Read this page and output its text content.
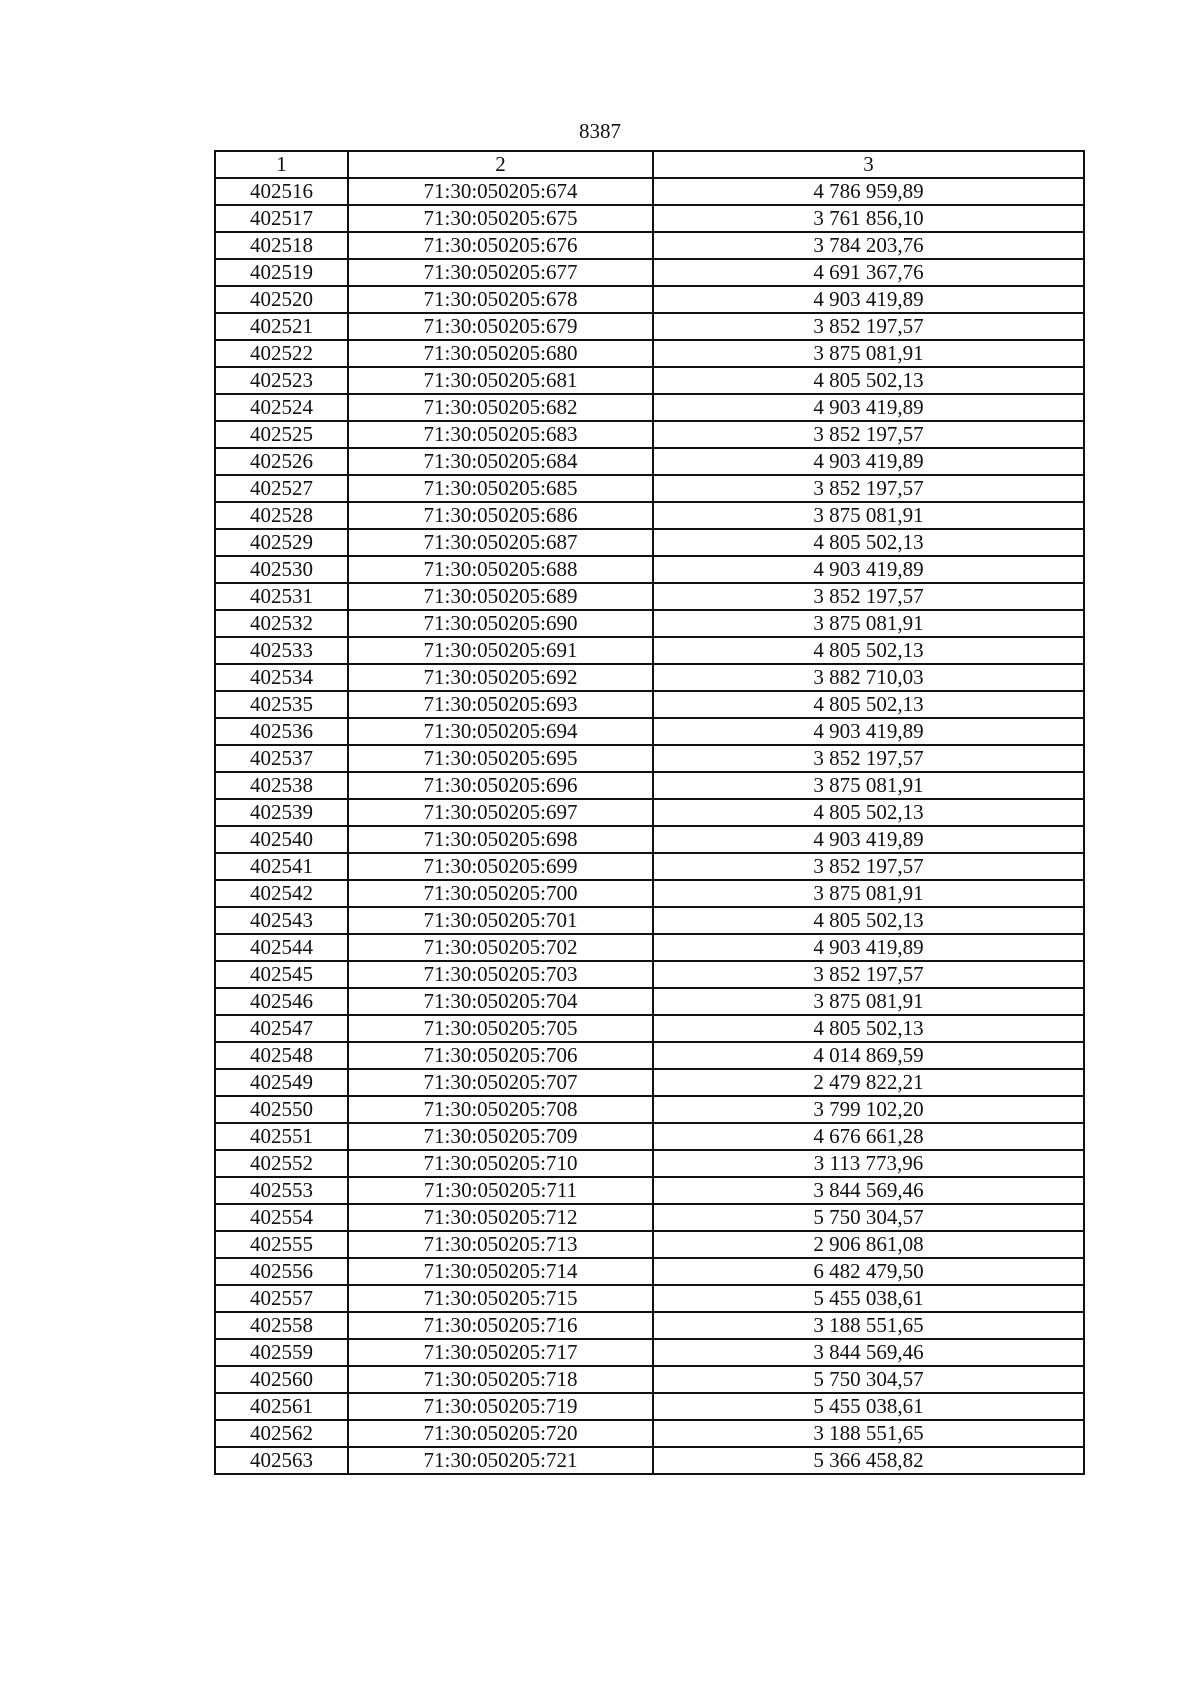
8387
1	2	3
402516	71:30:050205:674	4 786 959,89
402517	71:30:050205:675	3 761 856,10
402518	71:30:050205:676	3 784 203,76
402519	71:30:050205:677	4 691 367,76
402520	71:30:050205:678	4 903 419,89
402521	71:30:050205:679	3 852 197,57
402522	71:30:050205:680	3 875 081,91
402523	71:30:050205:681	4 805 502,13
402524	71:30:050205:682	4 903 419,89
402525	71:30:050205:683	3 852 197,57
402526	71:30:050205:684	4 903 419,89
402527	71:30:050205:685	3 852 197,57
402528	71:30:050205:686	3 875 081,91
402529	71:30:050205:687	4 805 502,13
402530	71:30:050205:688	4 903 419,89
402531	71:30:050205:689	3 852 197,57
402532	71:30:050205:690	3 875 081,91
402533	71:30:050205:691	4 805 502,13
402534	71:30:050205:692	3 882 710,03
402535	71:30:050205:693	4 805 502,13
402536	71:30:050205:694	4 903 419,89
402537	71:30:050205:695	3 852 197,57
402538	71:30:050205:696	3 875 081,91
402539	71:30:050205:697	4 805 502,13
402540	71:30:050205:698	4 903 419,89
402541	71:30:050205:699	3 852 197,57
402542	71:30:050205:700	3 875 081,91
402543	71:30:050205:701	4 805 502,13
402544	71:30:050205:702	4 903 419,89
402545	71:30:050205:703	3 852 197,57
402546	71:30:050205:704	3 875 081,91
402547	71:30:050205:705	4 805 502,13
402548	71:30:050205:706	4 014 869,59
402549	71:30:050205:707	2 479 822,21
402550	71:30:050205:708	3 799 102,20
402551	71:30:050205:709	4 676 661,28
402552	71:30:050205:710	3 113 773,96
402553	71:30:050205:711	3 844 569,46
402554	71:30:050205:712	5 750 304,57
402555	71:30:050205:713	2 906 861,08
402556	71:30:050205:714	6 482 479,50
402557	71:30:050205:715	5 455 038,61
402558	71:30:050205:716	3 188 551,65
402559	71:30:050205:717	3 844 569,46
402560	71:30:050205:718	5 750 304,57
402561	71:30:050205:719	5 455 038,61
402562	71:30:050205:720	3 188 551,65
402563	71:30:050205:721	5 366 458,82
